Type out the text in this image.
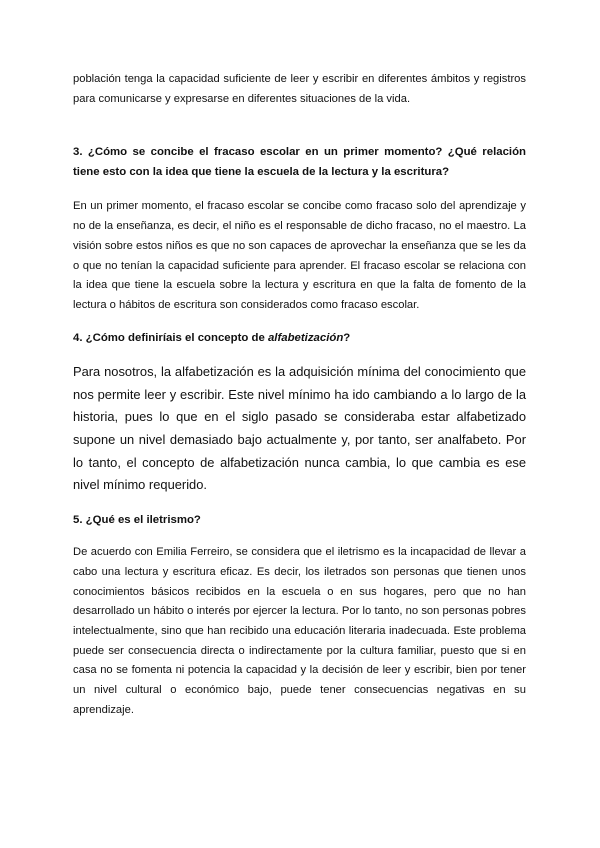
población tenga la capacidad suficiente de leer y escribir en diferentes ámbitos y registros para comunicarse y expresarse en diferentes situaciones de la vida.

3. ¿Cómo se concibe el fracaso escolar en un primer momento? ¿Qué relación tiene esto con la idea que tiene la escuela de la lectura y la escritura?

En un primer momento, el fracaso escolar se concibe como fracaso solo del aprendizaje y no de la enseñanza, es decir, el niño es el responsable de dicho fracaso, no el maestro. La visión sobre estos niños es que no son capaces de aprovechar la enseñanza que se les da o que no tenían la capacidad suficiente para aprender. El fracaso escolar se relaciona con la idea que tiene la escuela sobre la lectura y escritura en que la falta de fomento de la lectura o hábitos de escritura son considerados como fracaso escolar.

4. ¿Cómo definiríais el concepto de alfabetización?

Para nosotros, la alfabetización es la adquisición mínima del conocimiento que nos permite leer y escribir. Este nivel mínimo ha ido cambiando a lo largo de la historia, pues lo que en el siglo pasado se consideraba estar alfabetizado supone un nivel demasiado bajo actualmente y, por tanto, ser analfabeto. Por lo tanto, el concepto de alfabetización nunca cambia, lo que cambia es ese nivel mínimo requerido.

5. ¿Qué es el iletrismo?

De acuerdo con Emilia Ferreiro, se considera que el iletrismo es la incapacidad de llevar a cabo una lectura y escritura eficaz. Es decir, los iletrados son personas que tienen unos conocimientos básicos recibidos en la escuela o en sus hogares, pero que no han desarrollado un hábito o interés por ejercer la lectura. Por lo tanto, no son personas pobres intelectualmente, sino que han recibido una educación literaria inadecuada. Este problema puede ser consecuencia directa o indirectamente por la cultura familiar, puesto que si en casa no se fomenta ni potencia la capacidad y la decisión de leer y escribir, bien por tener un nivel cultural o económico bajo, puede tener consecuencias negativas en su aprendizaje.
